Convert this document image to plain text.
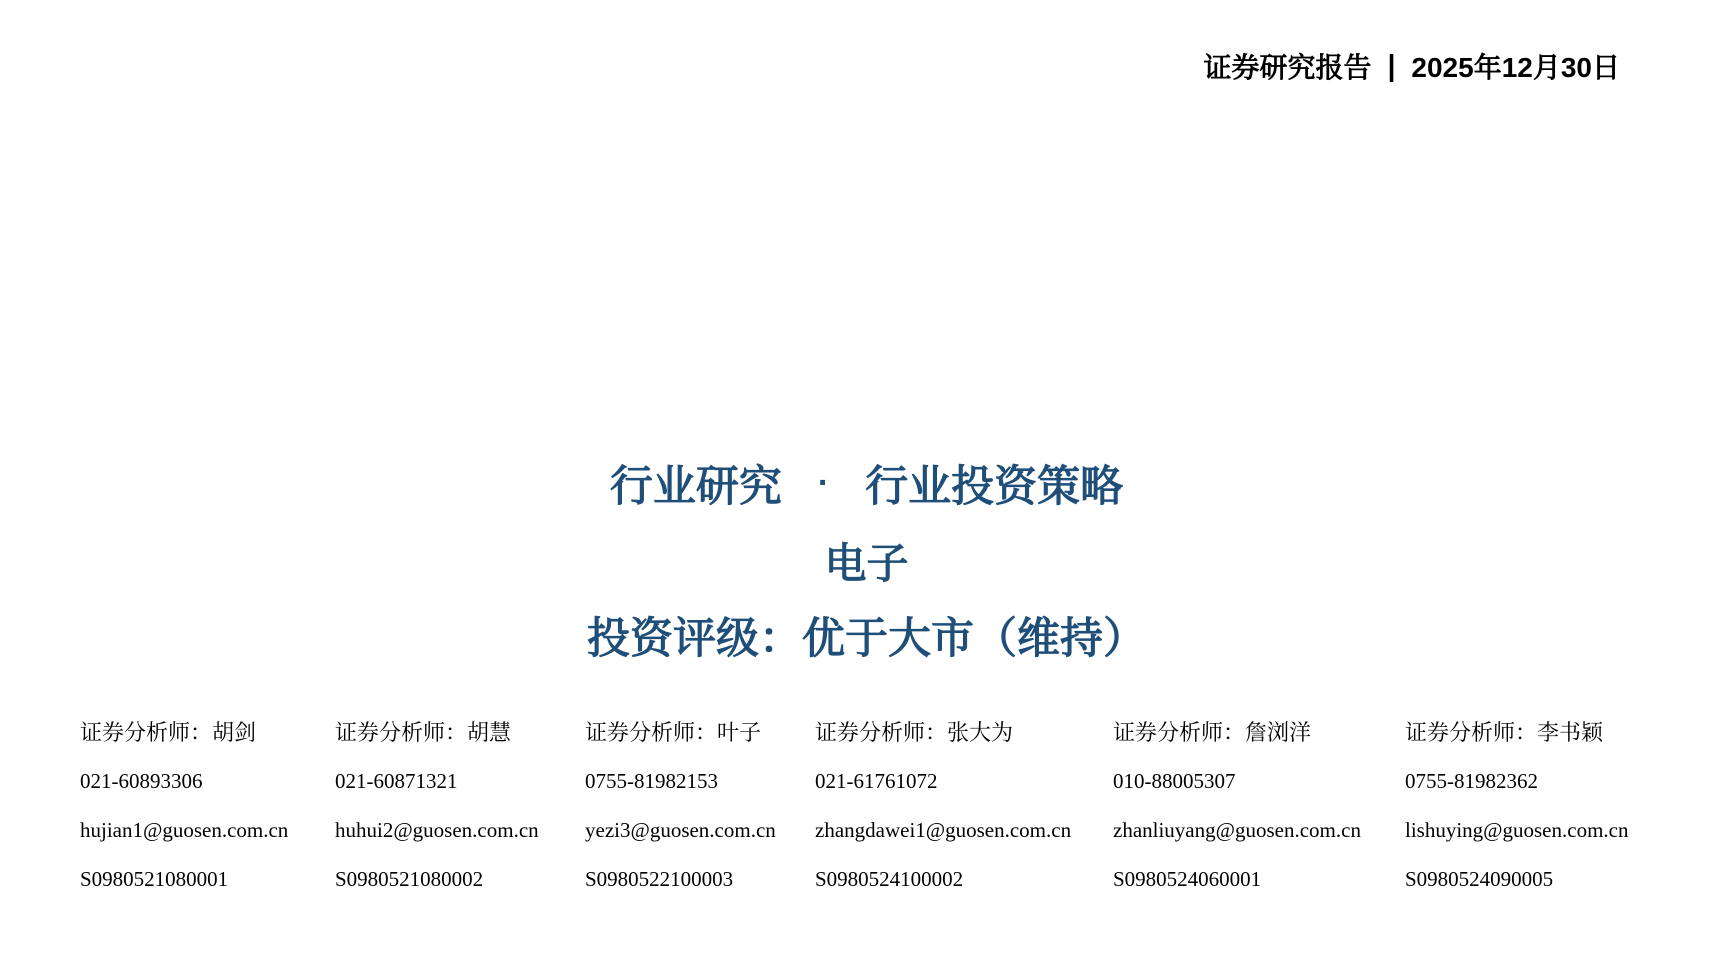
证券研究报告 | 2025年12月30日
行业研究 · 行业投资策略
电子
投资评级：优于大市（维持）
证券分析师：胡剑
021-60893306
hujian1@guosen.com.cn
S0980521080001
证券分析师：胡慧
021-60871321
huhui2@guosen.com.cn
S0980521080002
证券分析师：叶子
0755-81982153
yezi3@guosen.com.cn
S0980522100003
证券分析师：张大为
021-61761072
zhangdawei1@guosen.com.cn
S0980524100002
证券分析师：詹浏洋
010-88005307
zhanliuyang@guosen.com.cn
S0980524060001
证券分析师：李书颖
0755-81982362
lishuying@guosen.com.cn
S0980524090005
